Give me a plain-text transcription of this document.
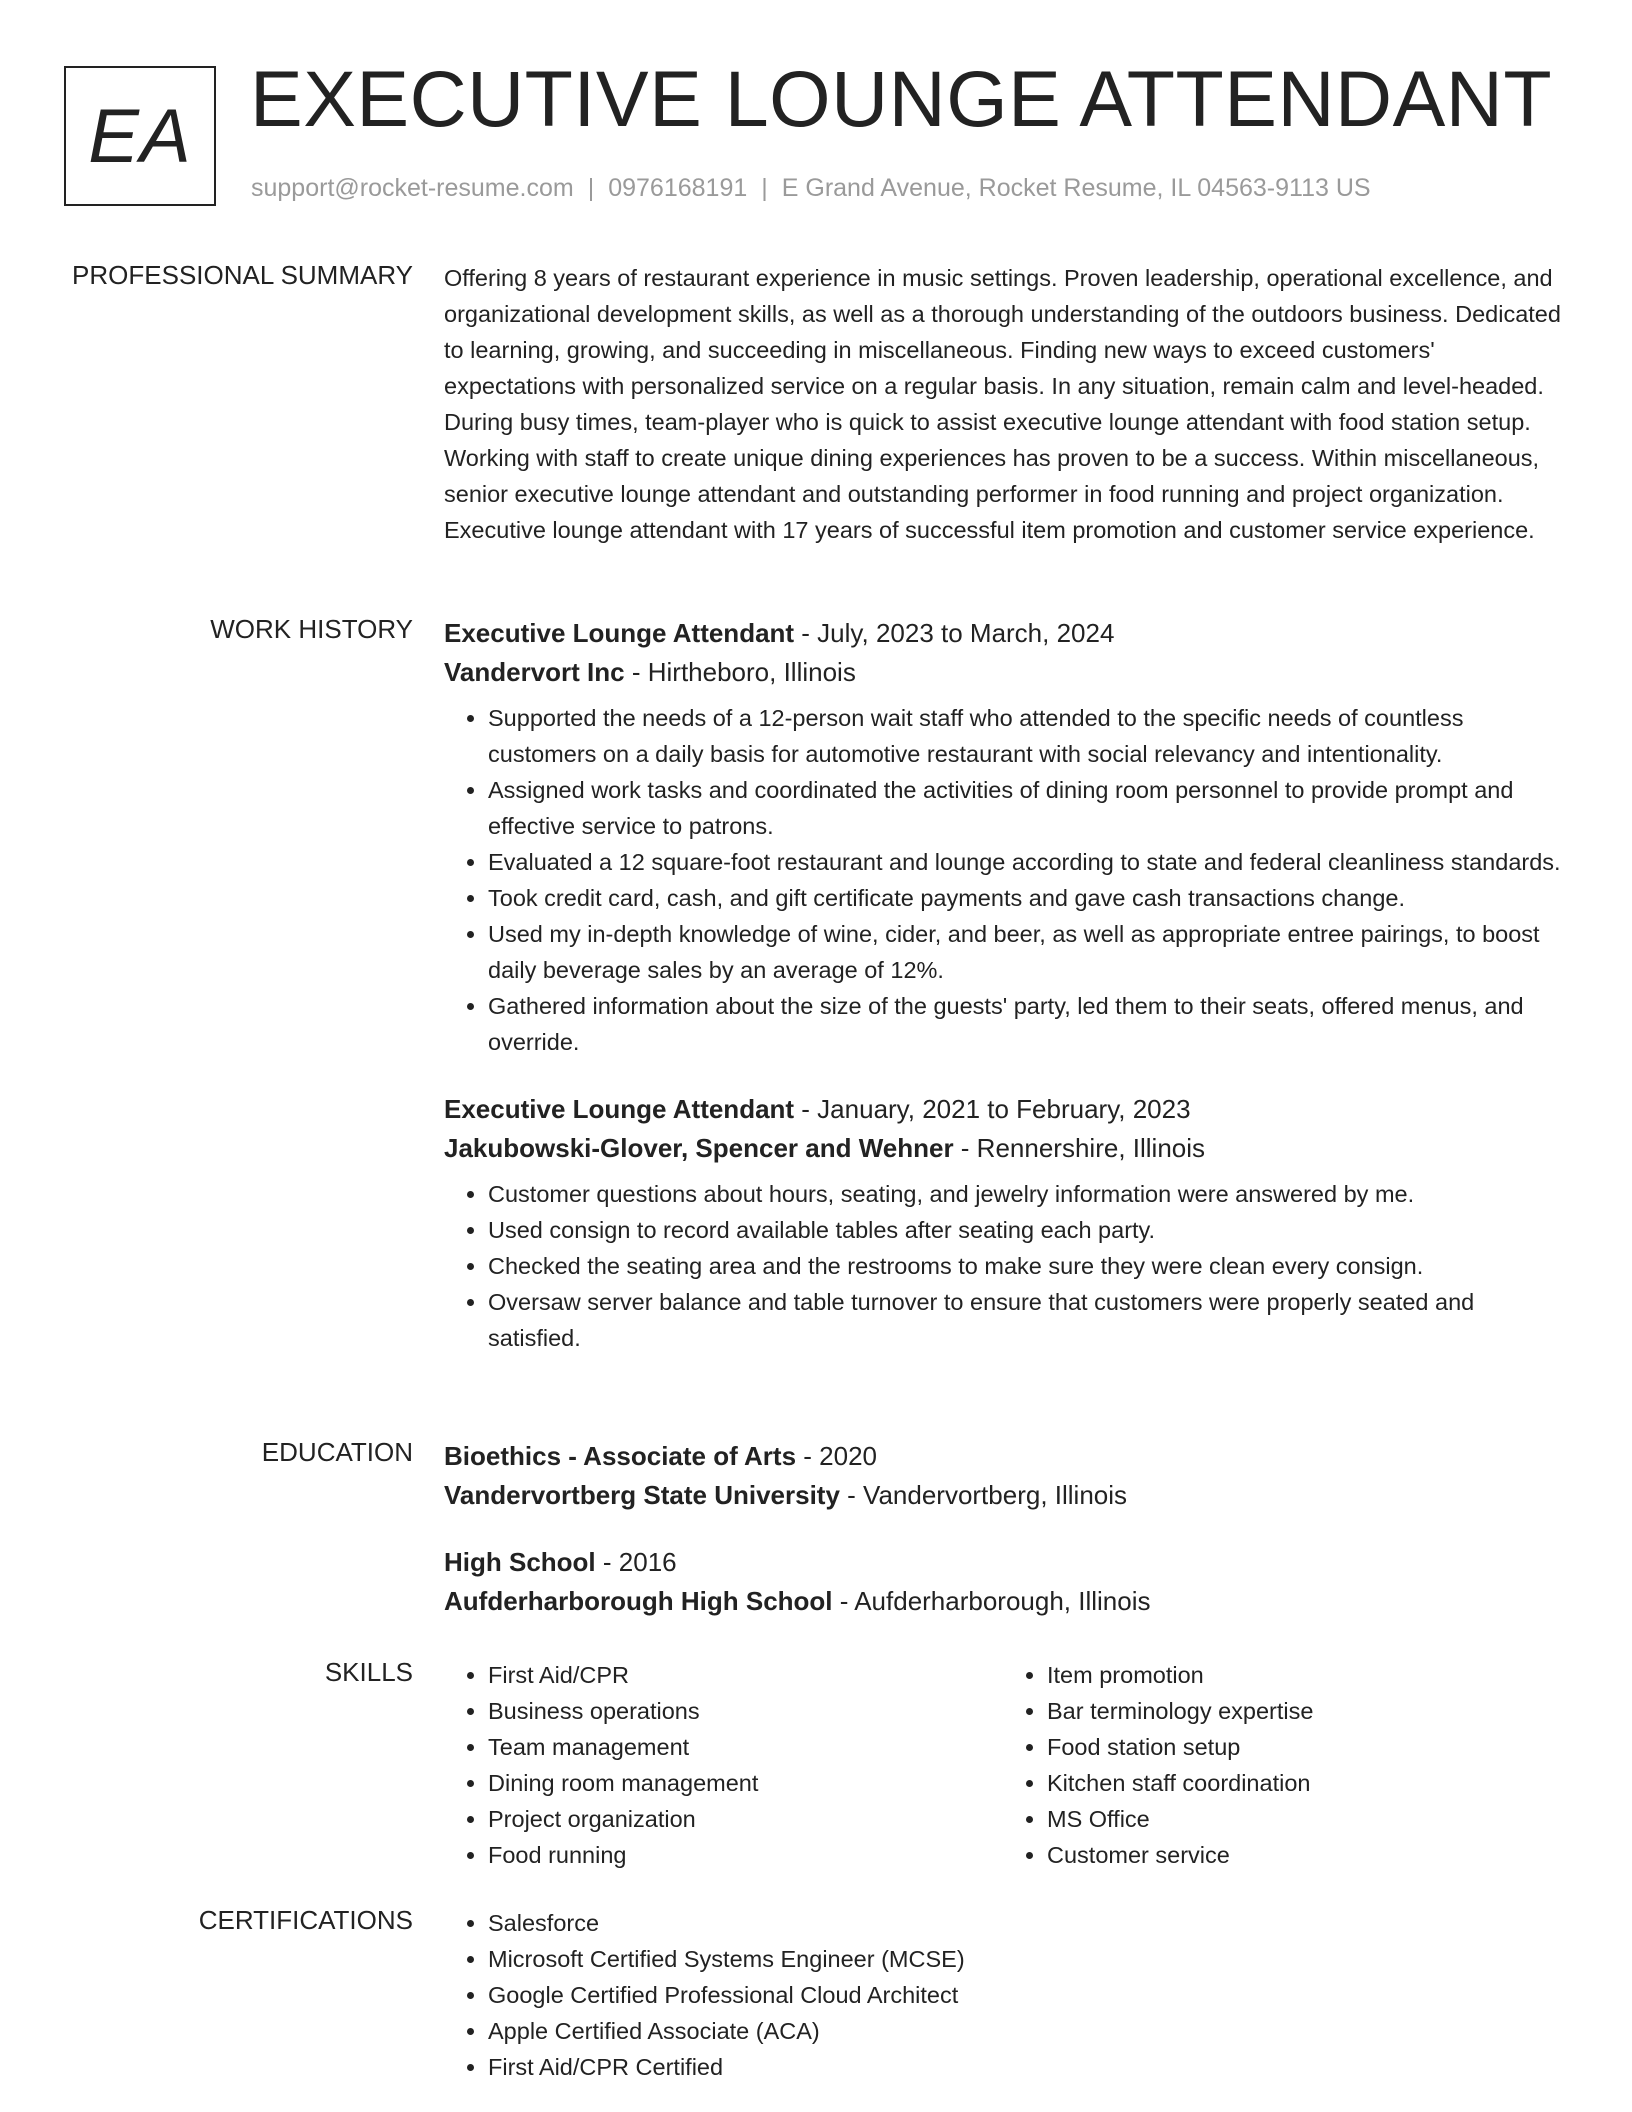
EA EXECUTIVE LOUNGE ATTENDANT
support@rocket-resume.com | 0976168191 | E Grand Avenue, Rocket Resume, IL 04563-9113 US
PROFESSIONAL SUMMARY Offering 8 years of restaurant experience in music settings. Proven leadership, operational excellence, and organizational development skills, as well as a thorough understanding of the outdoors business. Dedicated to learning, growing, and succeeding in miscellaneous. Finding new ways to exceed customers' expectations with personalized service on a regular basis. In any situation, remain calm and level-headed. During busy times, team-player who is quick to assist executive lounge attendant with food station setup. Working with staff to create unique dining experiences has proven to be a success. Within miscellaneous, senior executive lounge attendant and outstanding performer in food running and project organization. Executive lounge attendant with 17 years of successful item promotion and customer service experience.

WORK HISTORY Executive Lounge Attendant - July, 2023 to March, 2024

Vandervort Inc - Hirtheboro, Illinois

• Supported the needs of a 12-person wait staff who attended to the specific needs of countless customers on a daily basis for automotive restaurant with social relevancy and intentionality.
• Assigned work tasks and coordinated the activities of dining room personnel to provide prompt and effective service to patrons.
• Evaluated a 12 square-foot restaurant and lounge according to state and federal cleanliness standards.
• Took credit card, cash, and gift certificate payments and gave cash transactions change.
• Used my in-depth knowledge of wine, cider, and beer, as well as appropriate entree pairings, to boost daily beverage sales by an average of 12%.
• Gathered information about the size of the guests' party, led them to their seats, offered menus, and override.

Executive Lounge Attendant - January, 2021 to February, 2023

Jakubowski-Glover, Spencer and Wehner - Rennershire, Illinois

• Customer questions about hours, seating, and jewelry information were answered by me.
• Used consign to record available tables after seating each party.
• Checked the seating area and the restrooms to make sure they were clean every consign.
• Oversaw server balance and table turnover to ensure that customers were properly seated and satisfied.
EDUCATION Bioethics - Associate of Arts - 2020

Vandervortberg State University - Vandervortberg, Illinois

High School - 2016

Aufderharborough High School - Aufderharborough, Illinois

SKILLS	• First Aid/CPR
• Business operations
• Team management
• Dining room management
• Project organization
• Food running
• Item promotion
• Bar terminology expertise
• Food station setup
• Kitchen staff coordination
• MS Office
• Customer service
CERTIFICATIONS	• Salesforce
• Microsoft Certified Systems Engineer (MCSE)
• Google Certified Professional Cloud Architect
• Apple Certified Associate (ACA)
• First Aid/CPR Certified
